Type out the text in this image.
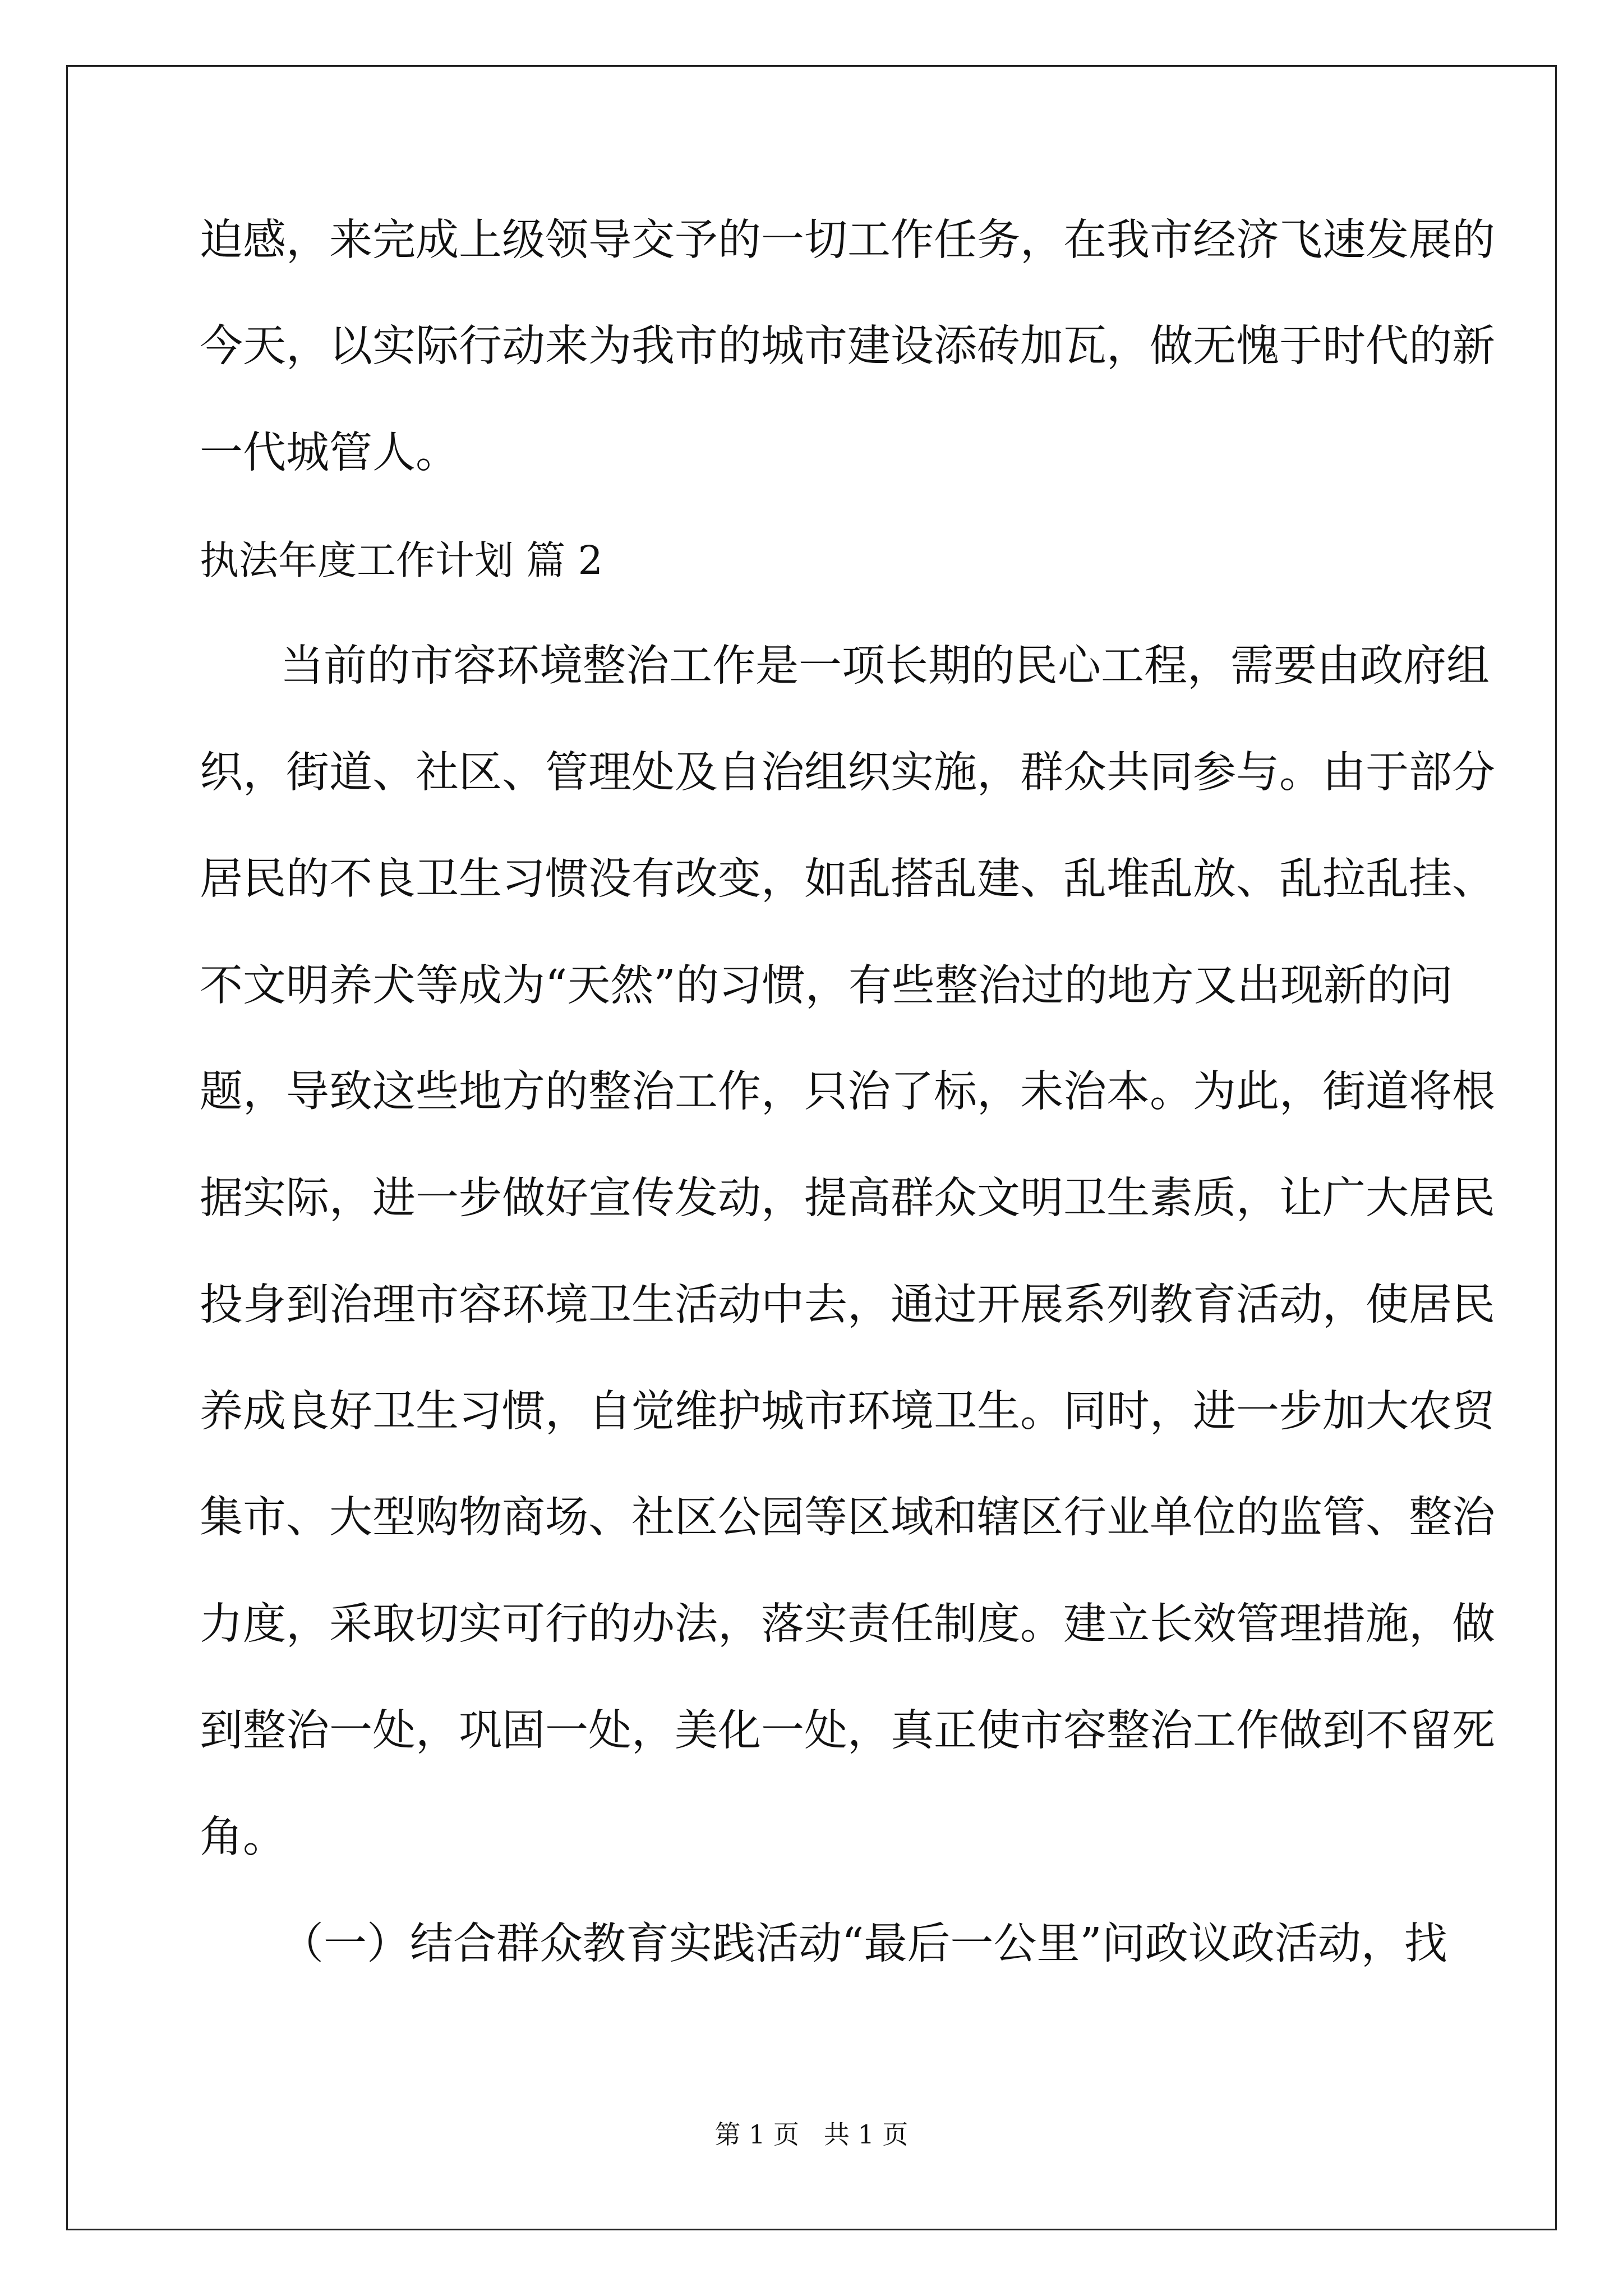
迫感，来完成上级领导交予的一切工作任务，在我市经济飞速发展的
今天，以实际行动来为我市的城市建设添砖加瓦，做无愧于时代的新
一代城管人。
执法年度工作计划 篇 2
当前的市容环境整治工作是一项长期的民心工程，需要由政府组
织，街道、社区、管理处及自治组织实施，群众共同参与。由于部分
居民的不良卫生习惯没有改变，如乱搭乱建、乱堆乱放、乱拉乱挂、
不文明养犬等成为“天然”的习惯，有些整治过的地方又出现新的问
题，导致这些地方的整治工作，只治了标，未治本。为此，街道将根
据实际，进一步做好宣传发动，提高群众文明卫生素质，让广大居民
投身到治理市容环境卫生活动中去，通过开展系列教育活动，使居民
养成良好卫生习惯，自觉维护城市环境卫生。同时，进一步加大农贸
集市、大型购物商场、社区公园等区域和辖区行业单位的监管、整治
力度，采取切实可行的办法，落实责任制度。建立长效管理措施，做
到整治一处，巩固一处，美化一处，真正使市容整治工作做到不留死
角。
（一）结合群众教育实践活动“最后一公里”问政议政活动，找
第 1 页   共 1 页
